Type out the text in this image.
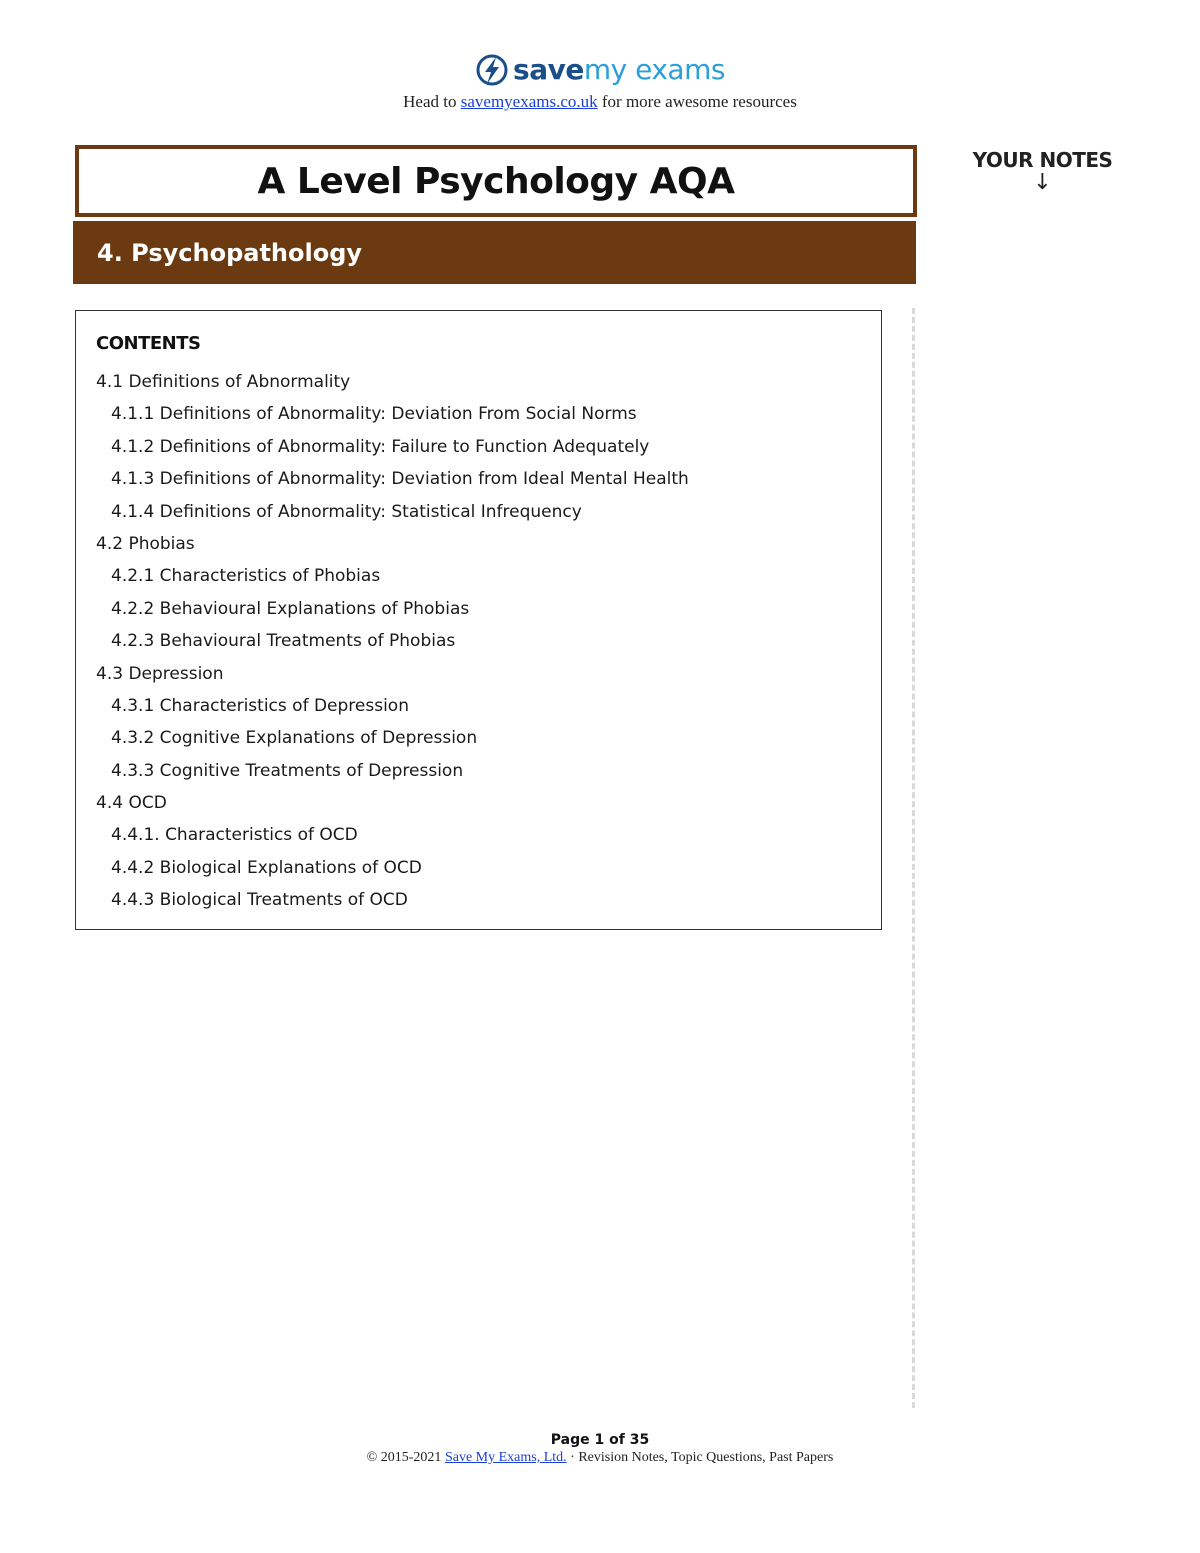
savemy exams
Head to savemyexams.co.uk for more awesome resources
A Level Psychology AQA
4. Psychopathology
YOUR NOTES
↓
CONTENTS
4.1 Definitions of Abnormality
4.1.1 Definitions of Abnormality: Deviation From Social Norms
4.1.2 Definitions of Abnormality: Failure to Function Adequately
4.1.3 Definitions of Abnormality: Deviation from Ideal Mental Health
4.1.4 Definitions of Abnormality: Statistical Infrequency
4.2 Phobias
4.2.1 Characteristics of Phobias
4.2.2 Behavioural Explanations of Phobias
4.2.3 Behavioural Treatments of Phobias
4.3 Depression
4.3.1 Characteristics of Depression
4.3.2 Cognitive Explanations of Depression
4.3.3 Cognitive Treatments of Depression
4.4 OCD
4.4.1. Characteristics of OCD
4.4.2 Biological Explanations of OCD
4.4.3 Biological Treatments of OCD
Page 1 of 35
© 2015-2021 Save My Exams, Ltd. · Revision Notes, Topic Questions, Past Papers
